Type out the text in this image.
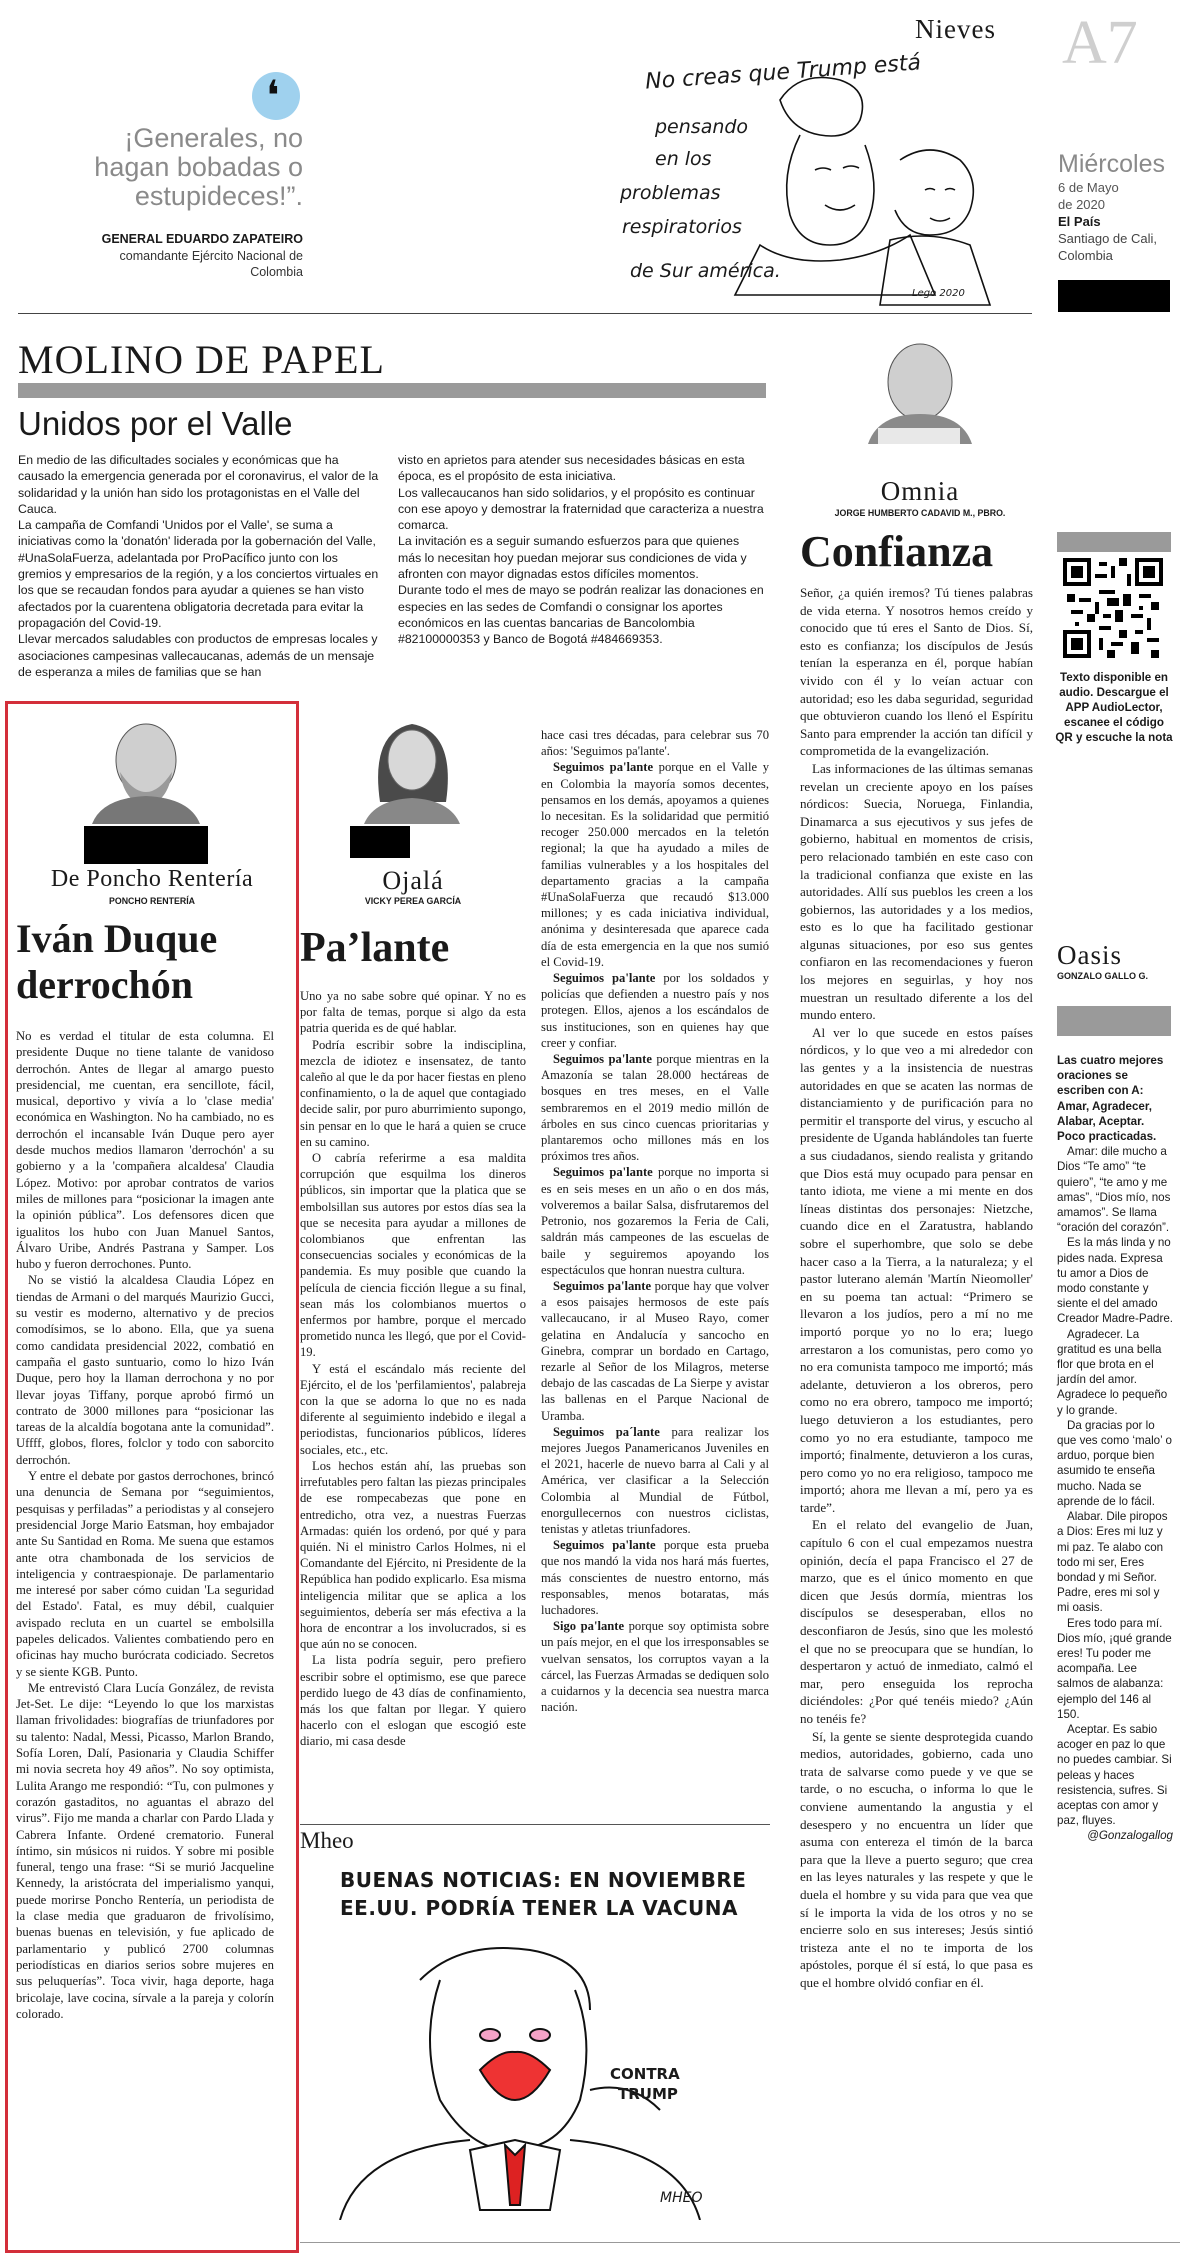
❛
¡Generales, no hagan bobadas o estupideces!”.
GENERAL EDUARDO ZAPATEIRO
comandante Ejército Nacional de
Colombia
No creas que Trump está
pensando
en los
problemas
respiratorios
de Sur américa.
Lego 2020
Nieves A7
Miércoles
6 de Mayo
de 2020
El País
Santiago de Cali,
Colombia
MOLINO DE PAPEL
Unidos por el Valle
En medio de las dificultades sociales y económicas que ha causado la emergencia generada por el coronavirus, el valor de la solidaridad y la unión han sido los protagonistas en el Valle del Cauca.
La campaña de Comfandi 'Unidos por el Valle', se suma a iniciativas como la 'donatón' liderada por la gobernación del Valle, #UnaSolaFuerza, adelantada por ProPacífico junto con los gremios y empresarios de la región, y a los conciertos virtuales en los que se recaudan fondos para ayudar a quienes se han visto afectados por la cuarentena obligatoria decretada para evitar la propagación del Covid-19.
Llevar mercados saludables con productos de empresas locales y asociaciones campesinas vallecaucanas, además de un mensaje de esperanza a miles de familias que se han
visto en aprietos para atender sus necesidades básicas en esta época, es el propósito de esta iniciativa.
Los vallecaucanos han sido solidarios, y el propósito es continuar con ese apoyo y demostrar la fraternidad que caracteriza a nuestra comarca.
La invitación es a seguir sumando esfuerzos para que quienes más lo necesitan hoy puedan mejorar sus condiciones de vida y afronten con mayor dignadas estos difíciles momentos.
Durante todo el mes de mayo se podrán realizar las donaciones en especies en las sedes de Comfandi o consignar los aportes económicos en las cuentas bancarias de Bancolombia #82100000353 y Banco de Bogotá #484669353.
Omnia
JORGE HUMBERTO CADAVID M., PBRO.
Confianza

Señor, ¿a quién iremos? Tú tienes palabras de vida eterna. Y nosotros hemos creído y conocido que tú eres el Santo de Dios. Sí, esto es confianza; los discípulos de Jesús tenían la esperanza en él, porque habían vivido con él y lo veían actuar con autoridad; eso les daba seguridad, seguridad que obtuvieron cuando los llenó el Espíritu Santo para emprender la acción tan difícil y comprometida de la evangelización.

Las informaciones de las últimas semanas revelan un creciente apoyo en los países nórdicos: Suecia, Noruega, Finlandia, Dinamarca a sus ejecutivos y sus jefes de gobierno, habitual en momentos de crisis, pero relacionado también en este caso con la tradicional confianza que existe en las autoridades. Allí sus pueblos les creen a los gobiernos, las autoridades y a los medios, esto es lo que ha facilitado gestionar algunas situaciones, por eso sus gentes confiaron en las recomendaciones y fueron los mejores en seguirlas, y hoy nos muestran un resultado diferente a los del mundo entero.

Al ver lo que sucede en estos países nórdicos, y lo que veo a mi alrededor con las gentes y a la insistencia de nuestras autoridades en que se acaten las normas de distanciamiento y de purificación para no permitir el transporte del virus, y escucho al presidente de Uganda hablándoles tan fuerte a sus ciudadanos, siendo realista y gritando que Dios está muy ocupado para pensar en tanto idiota, me viene a mi mente en dos líneas distintas dos personajes: Nietzche, cuando dice en el Zaratustra, hablando sobre el superhombre, que solo se debe hacer caso a la Tierra, a la naturaleza; y el pastor luterano alemán 'Martín Nieomoller' en su poema tan actual: “Primero se llevaron a los judíos, pero a mí no me importó porque yo no lo era; luego arrestaron a los comunistas, pero como yo no era comunista tampoco me importó; más adelante, detuvieron a los obreros, pero como no era obrero, tampoco me importó; luego detuvieron a los estudiantes, pero como yo no era estudiante, tampoco me importó; finalmente, detuvieron a los curas, pero como yo no era religioso, tampoco me importó; ahora me llevan a mí, pero ya es tarde”.

En el relato del evangelio de Juan, capítulo 6 con el cual empezamos nuestra opinión, decía el papa Francisco el 27 de marzo, que es el único momento en que dicen que Jesús dormía, mientras los discípulos se desesperaban, ellos no desconfiaron de Jesús, sino que les molestó el que no se preocupara que se hundían, lo despertaron y actuó de inmediato, calmó el mar, pero enseguida los reprocha diciéndoles: ¿Por qué tenéis miedo? ¿Aún no tenéis fe?

Sí, la gente se siente desprotegida cuando medios, autoridades, gobierno, cada uno trata de salvarse como puede y ve que se tarde, o no escucha, o informa lo que le conviene aumentando la angustia y el desespero y no encuentra un líder que asuma con entereza el timón de la barca para que la lleve a puerto seguro; que crea en las leyes naturales y las respete y que le duela el hombre y su vida para que vea que sí le importa la vida de los otros y no se encierre solo en sus intereses; Jesús sintió tristeza ante el no te importa de los apóstoles, porque él sí está, lo que pasa es que el hombre olvidó confiar en él.

Texto disponible en audio. Descargue el APP AudioLector, escanee el código QR y escuche la nota
Oasis
GONZALO GALLO G.

Las cuatro mejores oraciones se escriben con A: Amar, Agradecer, Alabar, Aceptar. Poco practicadas.

Amar: dile mucho a Dios “Te amo” “te quiero”, “te amo y me amas”, “Dios mío, nos amamos”. Se llama “oración del corazón”.

Es la más linda y no pides nada. Expresa tu amor a Dios de modo constante y siente el del amado Creador Madre-Padre.

Agradecer. La gratitud es una bella flor que brota en el jardín del amor. Agradece lo pequeño y lo grande.

Da gracias por lo que ves como ‘malo’ o arduo, porque bien asumido te enseña mucho. Nada se aprende de lo fácil.

Alabar. Dile piropos a Dios: Eres mi luz y mi paz. Te alabo con todo mi ser, Eres bondad y mi Señor. Padre, eres mi sol y mi oasis.

Eres todo para mí. Dios mío, ¡qué grande eres! Tu poder me acompaña. Lee salmos de alabanza: ejemplo del 146 al 150.

Aceptar. Es sabio acoger en paz lo que no puedes cambiar. Si peleas y haces resistencia, sufres. Si aceptas con amor y paz, fluyes.

@Gonzalogallog

De Poncho Rentería
PONCHO RENTERÍA
Iván Duque
derrochón

No es verdad el titular de esta columna. El presidente Duque no tiene talante de vanidoso derrochón. Antes de llegar al amargo puesto presidencial, me cuentan, era sencillote, fácil, musical, deportivo y vivía a lo 'clase media' económica en Washington. No ha cambiado, no es derrochón el incansable Iván Duque pero ayer desde muchos medios llamaron 'derrochón' a su gobierno y a la 'compañera alcaldesa' Claudia López. Motivo: por aprobar contratos de varios miles de millones para “posicionar la imagen ante la opinión pública”. Los defensores dicen que igualitos los hubo con Juan Manuel Santos, Álvaro Uribe, Andrés Pastrana y Samper. Los hubo y fueron derrochones. Punto.

No se vistió la alcaldesa Claudia López en tiendas de Armani o del marqués Maurizio Gucci, su vestir es moderno, alternativo y de precios comodísimos, se lo abono. Ella, que ya suena como candidata presidencial 2022, combatió en campaña el gasto suntuario, como lo hizo Iván Duque, pero hoy la llaman derrochona y no por llevar joyas Tiffany, porque aprobó firmó un contrato de 3000 millones para “posicionar las tareas de la alcaldía bogotana ante la comunidad”. Uffff, globos, flores, folclor y todo con saborcito derrochón.

Y entre el debate por gastos derrochones, brincó una denuncia de Semana por “seguimientos, pesquisas y perfiladas” a periodistas y al consejero presidencial Jorge Mario Eatsman, hoy embajador ante Su Santidad en Roma. Me suena que estamos ante otra chambonada de los servicios de inteligencia y contraespionaje. De parlamentario me interesé por saber cómo cuidan 'La seguridad del Estado'. Fatal, es muy débil, cualquier avispado recluta en un cuartel se embolsilla papeles delicados. Valientes combatiendo pero en oficinas hay mucho burócrata codiciado. Secretos y se siente KGB. Punto.

Me entrevistó Clara Lucía González, de revista Jet-Set. Le dije: “Leyendo lo que los marxistas llaman frivolidades: biografías de triunfadores por su talento: Nadal, Messi, Picasso, Marlon Brando, Sofía Loren, Dalí, Pasionaria y Claudia Schiffer mi novia secreta hoy 49 años”. No soy optimista, Lulita Arango me respondió: “Tu, con pulmones y corazón gastaditos, no aguantas el abrazo del virus”. Fijo me manda a charlar con Pardo Llada y Cabrera Infante. Ordené crematorio. Funeral íntimo, sin músicos ni ruidos. Y sobre mi posible funeral, tengo una frase: “Si se murió Jacqueline Kennedy, la aristócrata del imperialismo yanqui, puede morirse Poncho Rentería, un periodista de la clase media que graduaron de frivolísimo, buenas buenas en televisión, y fue aplicado de parlamentario y publicó 2700 columnas periodísticas en diarios serios sobre mujeres en sus peluquerías”. Toca vivir, haga deporte, haga bricolaje, lave cocina, sírvale a la pareja y colorín colorado.

Ojalá
VICKY PEREA GARCÍA
Pa’lante

Uno ya no sabe sobre qué opinar. Y no es por falta de temas, porque si algo da esta patria querida es de qué hablar.

Podría escribir sobre la indisciplina, mezcla de idiotez e insensatez, de tanto caleño al que le da por hacer fiestas en pleno confinamiento, o la de aquel que contagiado decide salir, por puro aburrimiento supongo, sin pensar en lo que le hará a quien se cruce en su camino.

O cabría referirme a esa maldita corrupción que esquilma los dineros públicos, sin importar que la platica que se embolsillan sus autores por estos días sea la que se necesita para ayudar a millones de colombianos que enfrentan las consecuencias sociales y económicas de la pandemia. Es muy posible que cuando la película de ciencia ficción llegue a su final, sean más los colombianos muertos o enfermos por hambre, porque el mercado prometido nunca les llegó, que por el Covid-19.

Y está el escándalo más reciente del Ejército, el de los 'perfilamientos', palabreja con la que se adorna lo que no es nada diferente al seguimiento indebido e ilegal a periodistas, funcionarios públicos, líderes sociales, etc., etc.

Los hechos están ahí, las pruebas son irrefutables pero faltan las piezas principales de ese rompecabezas que pone en entredicho, otra vez, a nuestras Fuerzas Armadas: quién los ordenó, por qué y para quién. Ni el ministro Carlos Holmes, ni el Comandante del Ejército, ni Presidente de la República han podido explicarlo. Esa misma inteligencia militar que se aplica a los seguimientos, debería ser más efectiva a la hora de encontrar a los involucrados, si es que aún no se conocen.

La lista podría seguir, pero prefiero escribir sobre el optimismo, ese que parece perdido luego de 43 días de confinamiento, más los que faltan por llegar. Y quiero hacerlo con el eslogan que escogió este diario, mi casa desde

hace casi tres décadas, para celebrar sus 70 años: 'Seguimos pa'lante'.

Seguimos pa'lante porque en el Valle y en Colombia la mayoría somos decentes, pensamos en los demás, apoyamos a quienes lo necesitan. Es la solidaridad que permitió recoger 250.000 mercados en la teletón regional; la que ha ayudado a miles de familias vulnerables y a los hospitales del departamento gracias a la campaña #UnaSolaFuerza que recaudó $13.000 millones; y es cada iniciativa individual, anónima y desinteresada que aparece cada día de esta emergencia en la que nos sumió el Covid-19.

Seguimos pa'lante por los soldados y policías que defienden a nuestro país y nos protegen. Ellos, ajenos a los escándalos de sus instituciones, son en quienes hay que creer y confiar.

Seguimos pa'lante porque mientras en la Amazonía se talan 28.000 hectáreas de bosques en tres meses, en el Valle sembraremos en el 2019 medio millón de árboles en sus cinco cuencas prioritarias y plantaremos ocho millones más en los próximos tres años.

Seguimos pa'lante porque no importa si es en seis meses en un año o en dos más, volveremos a bailar Salsa, disfrutaremos del Petronio, nos gozaremos la Feria de Cali, saldrán más campeones de las escuelas de baile y seguiremos apoyando los espectáculos que honran nuestra cultura.

Seguimos pa'lante porque hay que volver a esos paisajes hermosos de este país vallecaucano, ir al Museo Rayo, comer gelatina en Andalucía y sancocho en Ginebra, comprar un bordado en Cartago, rezarle al Señor de los Milagros, meterse debajo de las cascadas de La Sierpe y avistar las ballenas en el Parque Nacional de Uramba.

Seguimos pa´lante para realizar los mejores Juegos Panamericanos Juveniles en el 2021, hacerle de nuevo barra al Cali y al América, ver clasificar a la Selección Colombia al Mundial de Fútbol, enorgullecernos con nuestros ciclistas, tenistas y atletas triunfadores.

Seguimos pa'lante porque esta prueba que nos mandó la vida nos hará más fuertes, más conscientes de nuestro entorno, más responsables, menos botaratas, más luchadores.

Sigo pa'lante porque soy optimista sobre un país mejor, en el que los irresponsables se vuelvan sensatos, los corruptos vayan a la cárcel, las Fuerzas Armadas se dediquen solo a cuidarnos y la decencia sea nuestra marca nación.

Mheo
BUENAS NOTICIAS: EN NOVIEMBRE
EE.UU. PODRÍA TENER LA VACUNA
CONTRA
TRUMP
MHEO
